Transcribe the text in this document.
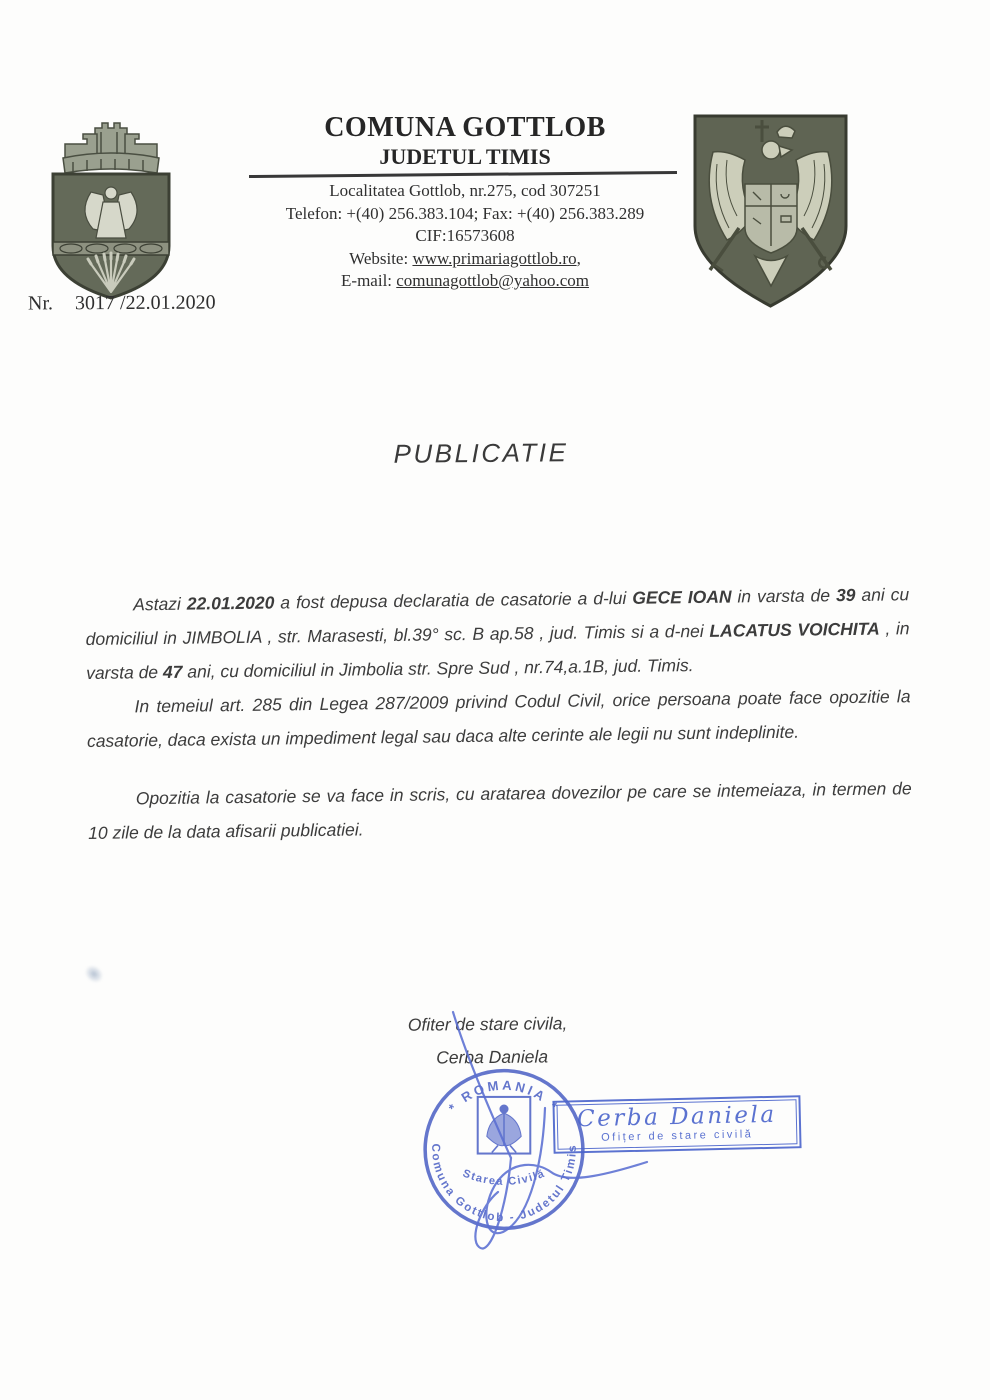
COMUNA GOTTLOB
JUDETUL TIMIS
Localitatea Gottlob, nr.275, cod 307251
Telefon: +(40) 256.383.104; Fax: +(40) 256.383.289
CIF:16573608
Website: www.primariagottlob.ro,
E-mail: comunagottlob@yahoo.com
Nr. 3017 /22.01.2020
PUBLICATIE

Astazi 22.01.2020 a fost depusa declaratia de casatorie a d-lui GECE IOAN in varsta de 39 ani cu domiciliul in JIMBOLIA , str. Marasesti, bl.39° sc. B ap.58 , jud. Timis si a d-nei LACATUS VOICHITA , in varsta de 47 ani, cu domiciliul in Jimbolia str. Spre Sud , nr.74,a.1B, jud. Timis.

In temeiul art. 285 din Legea 287/2009 privind Codul Civil, orice persoana poate face opozitie la casatorie, daca exista un impediment legal sau daca alte cerinte ale legii nu sunt indeplinite.

Opozitia la casatorie se va face in scris, cu aratarea dovezilor pe care se intemeiaza, in termen de 10 zile de la data afisarii publicatiei.

Ofiter de stare civila,
Cerba Daniela
* ROMANIA *
Comuna Gottlob - Judetul Timis
Starea Civilă
Cerba Daniela
Ofițer de stare civilă
